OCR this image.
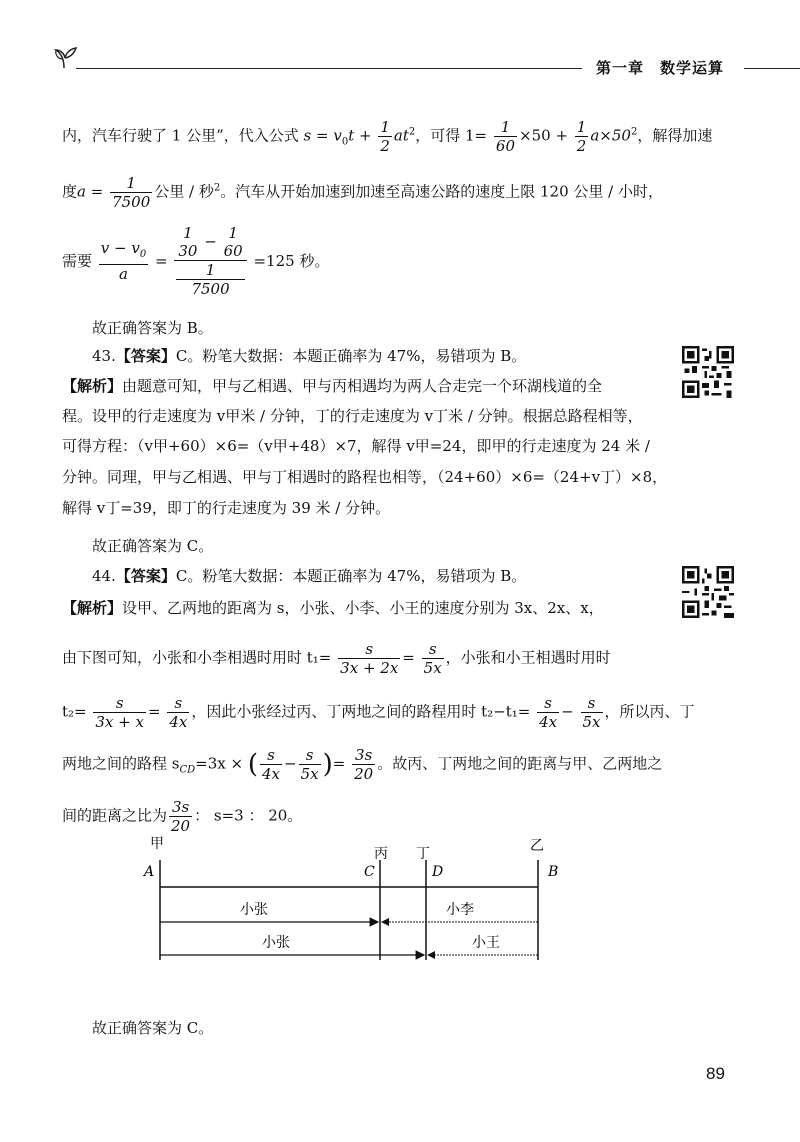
第一章　数学运算
内，汽车行驶了 1 公里”，代入公式 $s = v_0t + \frac{1}{2} at^2$，可得 $1= \frac{1}{60} \times 50 + \frac{1}{2} a\times 50^2$，解得加速
度$a = \frac{1}{7500}$ 公里 / 秒$^2$。汽车从开始加速到加速至高速公路的速度上限 120 公里 / 小时，
需要 $\frac{v - v_0}{a} = 1$
30
− 1
60
1
7500 =125 秒。
故正确答案为 B。
43.【答案】C。粉笔大数据：本题正确率为 47%，易错项为 B。
【解析】由题意可知，甲与乙相遇、甲与丙相遇均为两人合走完一个环湖栈道的全
程。设甲的行走速度为 v甲米 / 分钟，丁的行走速度为 v丁米 / 分钟。根据总路程相等，
可得方程：（v甲+60）×6=（v甲+48）×7，解得 v甲=24，即甲的行走速度为 24 米 /
分钟。同理，甲与乙相遇、甲与丁相遇时的路程也相等，（24+60）×6=（24+v丁）×8，
解得 v丁=39，即丁的行走速度为 39 米 / 分钟。
故正确答案为 C。
44.【答案】C。粉笔大数据：本题正确率为 47%，易错项为 B。
【解析】设甲、乙两地的距离为 s，小张、小李、小王的速度分别为 3x、2x、x，
由下图可知，小张和小李相遇时用时 $t_1= \frac{s}{3x + 2x} = \frac{s}{5x}$ ，小张和小王相遇时用时
$t_2= \frac{s}{3x + x} = \frac{s}{4x}$ ，因此小张经过丙、丁两地之间的路程用时 $t_2-t_1= \frac{s}{4x} - \frac{s}{5x}$ ，所以丙、丁
两地之间的路程 $s_{CD}=3x$ × ( $\frac{s}{4x} - \frac{s}{5x}$ )= $\frac{3s}{20}$ 。故丙、丁两地之间的距离与甲、乙两地之
间的距离之比为 $\frac{3s}{20}$ ： s=3 ： 20。
甲
丙 丁	乙
A	C	D	B
小张	小李
小张	小王
故正确答案为 C。
89
